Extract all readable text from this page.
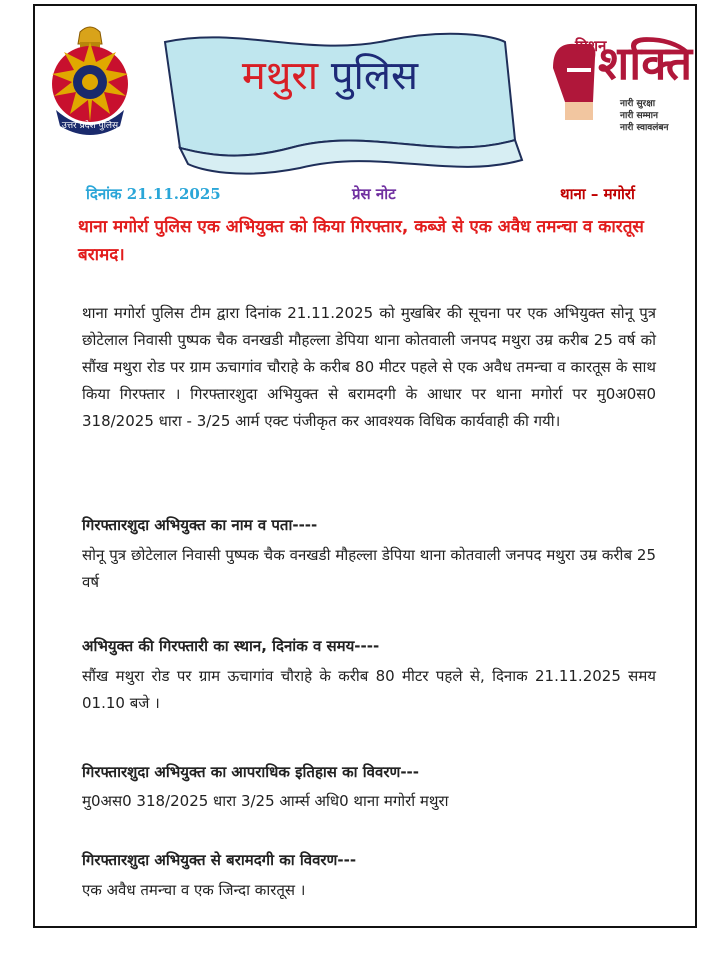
उत्तर प्रदेश पुलिस
मथुरा पुलिस
मिशन
शक्ति
नारी सुरक्षा
नारी सम्मान
नारी स्वावलंबन
दिनांक 21.11.2025	प्रेस नोट	थाना – मगोर्रा
थाना मगोर्रा पुलिस एक अभियुक्त को किया गिरफ्तार, कब्जे से एक अवैध तमन्चा व कारतूस बरामद।
थाना मगोर्रा पुलिस टीम द्वारा दिनांक 21.11.2025 को मुखबिर की सूचना पर एक अभियुक्त सोनू पुत्र छोटेलाल निवासी पुष्पक चैक वनखडी मौहल्ला डेपिया थाना कोतवाली जनपद मथुरा उम्र करीब 25 वर्ष को सौंख मथुरा रोड पर ग्राम ऊचागांव चौराहे के करीब 80 मीटर पहले से एक अवैध तमन्चा व कारतूस के साथ किया गिरफ्तार । गिरफ्तारशुदा अभियुक्त से बरामदगी के आधार पर थाना मगोर्रा पर मु0अ0स0 318/2025 धारा - 3/25 आर्म एक्ट पंजीकृत कर आवश्यक विधिक कार्यवाही की गयी।
गिरफ्तारशुदा अभियुक्त का नाम व पता----
सोनू पुत्र छोटेलाल निवासी पुष्पक चैक वनखडी मौहल्ला डेपिया थाना कोतवाली जनपद मथुरा उम्र करीब 25 वर्ष
अभियुक्त की गिरफ्तारी का स्थान, दिनांक व समय----
सौंख मथुरा रोड पर ग्राम ऊचागांव चौराहे के करीब 80 मीटर पहले से, दिनाक 21.11.2025 समय 01.10 बजे ।
गिरफ्तारशुदा अभियुक्त का आपराधिक इतिहास का विवरण---
मु0अस0 318/2025 धारा 3/25 आर्म्स अधि0 थाना मगोर्रा मथुरा
गिरफ्तारशुदा अभियुक्त से बरामदगी का विवरण---
एक अवैध तमन्चा व एक जिन्दा कारतूस ।
